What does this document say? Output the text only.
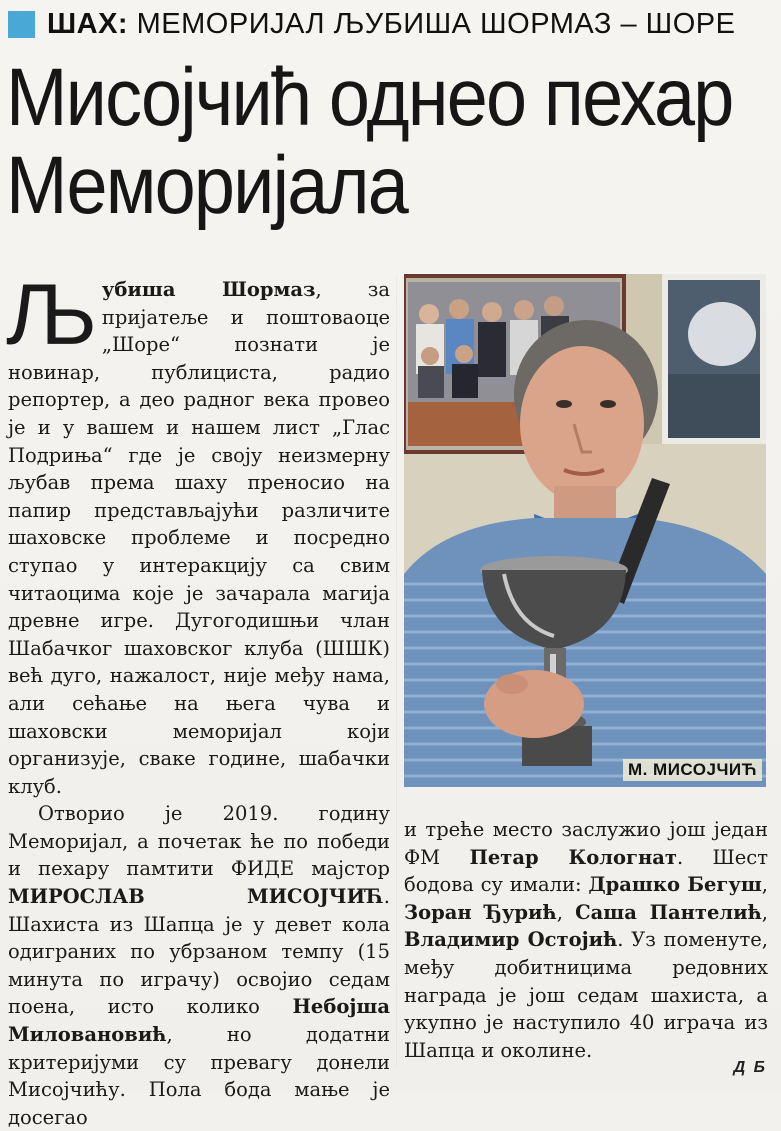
ШАХ: МЕМОРИЈАЛ ЉУБИША ШОРМАЗ – ШОРЕ
Мисојчић однео пехар
Меморијала

Љубиша Шормаз, за пријатеље и поштоваоце „Шоре“ познати је новинар, публициста, радио репортер, а део радног века провео је и у вашем и нашем лист „Глас Подриња“ где је своју неизмерну љубав према шаху преносио на папир представљајући различите шаховске проблеме и посредно ступао у интеракцију са свим читаоцима које је зачарала магија древне игре. Дугогодишњи члан Шабачког шаховског клуба (ШШК) већ дуго, нажалост, није међу нама, али сећање на њега чува и шаховски меморијал који организује, сваке године, шабачки клуб.

Отворио је 2019. годину Меморијал, а почетак ће по победи и пехару памтити ФИДЕ мајстор МИРОСЛАВ МИСОЈЧИЋ. Шахиста из Шапца је у девет кола одиграних по убрзаном темпу (15 минута по играчу) освојио седам поена, исто колико Небојша Миловановић, но додатни критеријуми су превагу донели Мисојчићу. Пола бода мање је досегао

М. МИСОЈЧИЋ

и треће место заслужио још један ФМ Петар Кологнат. Шест бодова су имали: Драшко Бегуш, Зоран Ђурић, Саша Пантелић, Владимир Остојић. Уз поменуте, међу добитницима редовних награда је још седам шахиста, а укупно је наступило 40 играча из Шапца и околине.

Д Б
